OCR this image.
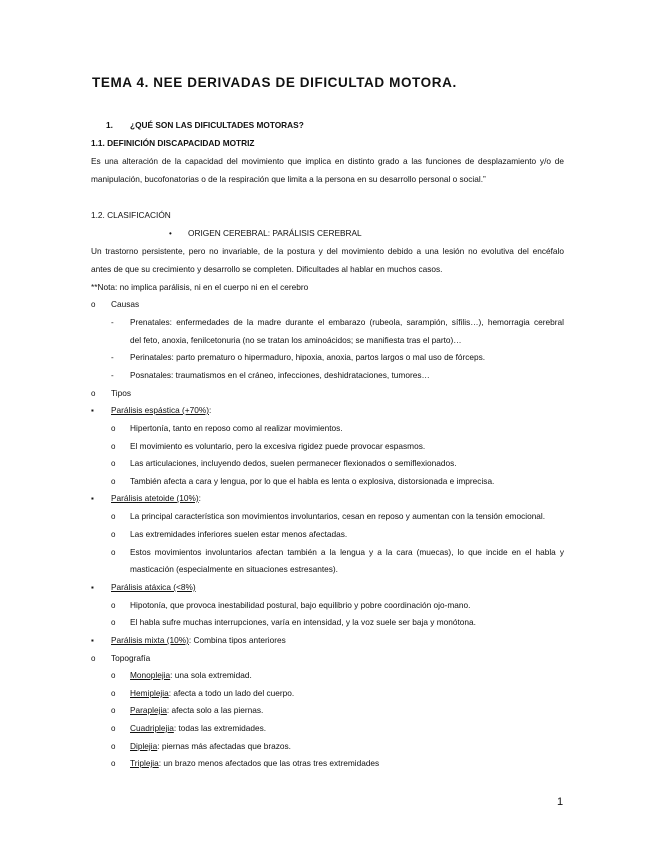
TEMA 4. NEE DERIVADAS DE DIFICULTAD MOTORA.
1. ¿QUÉ SON LAS DIFICULTADES MOTORAS?
1.1. DEFINICIÓN DISCAPACIDAD MOTRIZ
Es una alteración de la capacidad del movimiento que implica en distinto grado a las funciones de desplazamiento y/o de
manipulación, bucofonatorias o de la respiración que limita a la persona en su desarrollo personal o social.”
1.2. CLASIFICACIÓN
• ORIGEN CEREBRAL: PARÁLISIS CEREBRAL
Un trastorno persistente, pero no invariable, de la postura y del movimiento debido a una lesión no evolutiva del encéfalo
antes de que su crecimiento y desarrollo se completen. Dificultades al hablar en muchos casos.
**Nota: no implica parálisis, ni en el cuerpo ni en el cerebro
o Causas
- Prenatales: enfermedades de la madre durante el embarazo (rubeola, sarampión, sífilis…), hemorragia cerebral
del feto, anoxia, fenilcetonuria (no se tratan los aminoácidos; se manifiesta tras el parto)…
- Perinatales: parto prematuro o hipermaduro, hipoxia, anoxia, partos largos o mal uso de fórceps.
- Posnatales: traumatismos en el cráneo, infecciones, deshidrataciones, tumores…
o Tipos
▪ Parálisis espástica (+70%):
o Hipertonía, tanto en reposo como al realizar movimientos.
o El movimiento es voluntario, pero la excesiva rigidez puede provocar espasmos.
o Las articulaciones, incluyendo dedos, suelen permanecer flexionados o semiflexionados.
o También afecta a cara y lengua, por lo que el habla es lenta o explosiva, distorsionada e imprecisa.
▪ Parálisis atetoide (10%):
o La principal característica son movimientos involuntarios, cesan en reposo y aumentan con la tensión emocional.
o Las extremidades inferiores suelen estar menos afectadas.
o Estos movimientos involuntarios afectan también a la lengua y a la cara (muecas), lo que incide en el habla y
masticación (especialmente en situaciones estresantes).
▪ Parálisis atáxica (<8%)
o Hipotonía, que provoca inestabilidad postural, bajo equilibrio y pobre coordinación ojo-mano.
o El habla sufre muchas interrupciones, varía en intensidad, y la voz suele ser baja y monótona.
▪ Parálisis mixta (10%): Combina tipos anteriores
o Topografía
o Monoplejia: una sola extremidad.
o Hemiplejia: afecta a todo un lado del cuerpo.
o Paraplejia: afecta solo a las piernas.
o Cuadriplejia: todas las extremidades.
o Diplejia: piernas más afectadas que brazos.
o Triplejia: un brazo menos afectados que las otras tres extremidades
1
